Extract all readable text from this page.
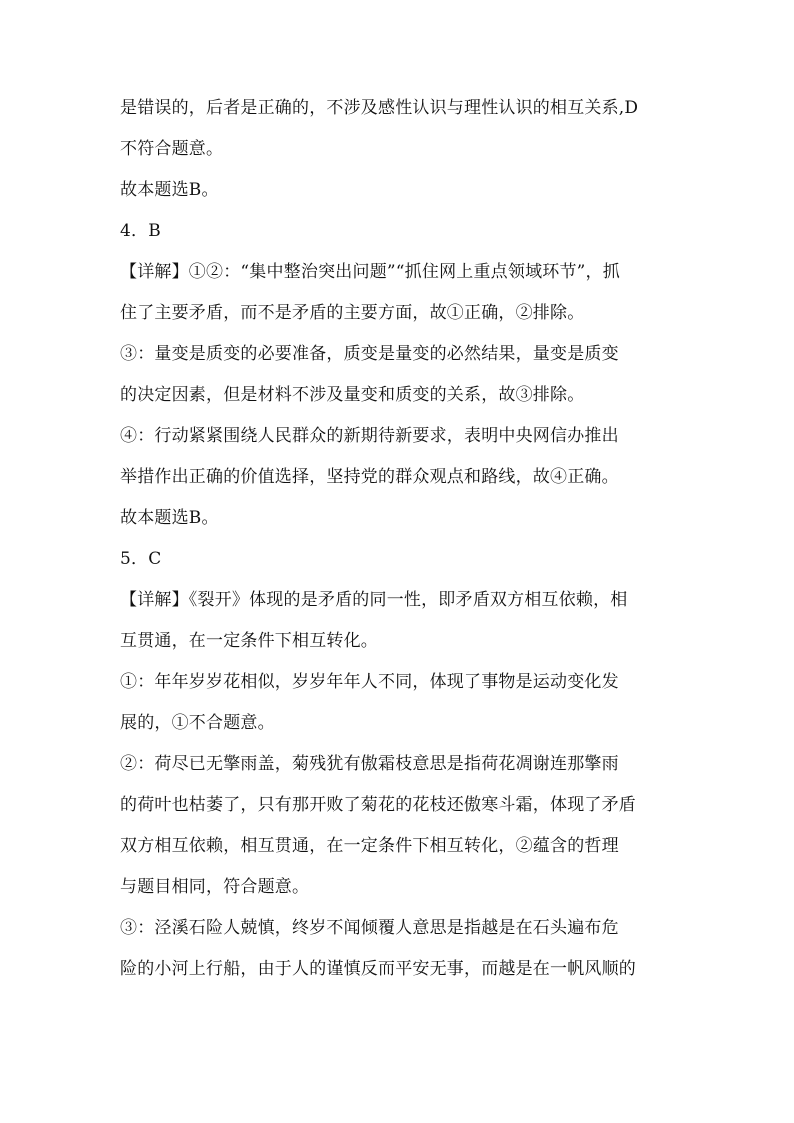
是错误的，后者是正确的，不涉及感性认识与理性认识的相互关系,D
不符合题意。
故本题选B。
4．B
【详解】①②：“集中整治突出问题”“抓住网上重点领域环节”，抓
住了主要矛盾，而不是矛盾的主要方面，故①正确，②排除。
③：量变是质变的必要准备，质变是量变的必然结果，量变是质变
的决定因素，但是材料不涉及量变和质变的关系，故③排除。
④：行动紧紧围绕人民群众的新期待新要求，表明中央网信办推出
举措作出正确的价值选择，坚持党的群众观点和路线，故④正确。
故本题选B。
5．C
【详解】《裂开》体现的是矛盾的同一性，即矛盾双方相互依赖，相
互贯通，在一定条件下相互转化。
①：年年岁岁花相似，岁岁年年人不同，体现了事物是运动变化发
展的，①不合题意。
②：荷尽已无擎雨盖，菊残犹有傲霜枝意思是指荷花凋谢连那擎雨
的荷叶也枯萎了，只有那开败了菊花的花枝还傲寒斗霜，体现了矛盾
双方相互依赖，相互贯通，在一定条件下相互转化，②蕴含的哲理
与题目相同，符合题意。
③：泾溪石险人兢慎，终岁不闻倾覆人意思是指越是在石头遍布危
险的小河上行船，由于人的谨慎反而平安无事，而越是在一帆风顺的
